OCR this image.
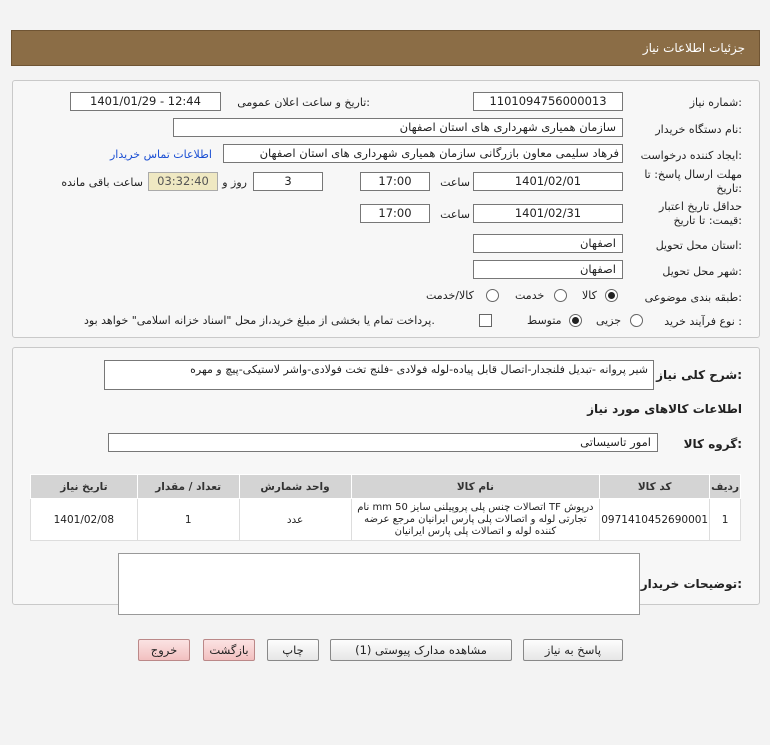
جزئیات اطلاعات نیاز
شماره نیاز:
1101094756000013
تاریخ و ساعت اعلان عمومی:
1401/01/29 - 12:44
نام دستگاه خریدار:
سازمان همیاری شهرداری های استان اصفهان
ایجاد کننده درخواست:
فرهاد سلیمی معاون بازرگانی سازمان همیاری شهرداری های استان اصفهان
اطلاعات تماس خریدار
مهلت ارسال پاسخ: تا
تاریخ:
1401/02/01
ساعت
17:00
3
روز و
03:32:40
ساعت باقی مانده
حداقل تاریخ اعتبار
قیمت: تا تاریخ:
1401/02/31
ساعت
17:00
استان محل تحویل:
اصفهان
شهر محل تحویل:
اصفهان
طبقه بندی موضوعی:
کالا
خدمت
کالا/خدمت
نوع فرآیند خرید :
جزیی
متوسط
پرداخت تمام یا بخشی از مبلغ خرید،از محل "اسناد خزانه اسلامی" خواهد بود.
شرح کلی نیاز:
شیر پروانه -تبدیل فلنجدار-اتصال قابل پیاده-لوله فولادی -فلنج تخت فولادی-واشر لاستیکی-پیچ و مهره
اطلاعات کالاهای مورد نیاز
گروه کالا:
امور تاسیساتی
ردیف	کد کالا	نام کالا	واحد شمارش	تعداد / مقدار	تاریخ نیاز
1	0971410452690001	درپوش TF اتصالات چنس پلی پروپیلنی سایز 50 mm نام تجارتی لوله و اتصالات پلی پارس ایرانیان مرجع عرضه کننده لوله و اتصالات پلی پارس ایرانیان	عدد	1	1401/02/08
توضیحات خریدار:
پاسخ به نیاز
مشاهده مدارک پیوستی (1)
چاپ
بازگشت
خروج
